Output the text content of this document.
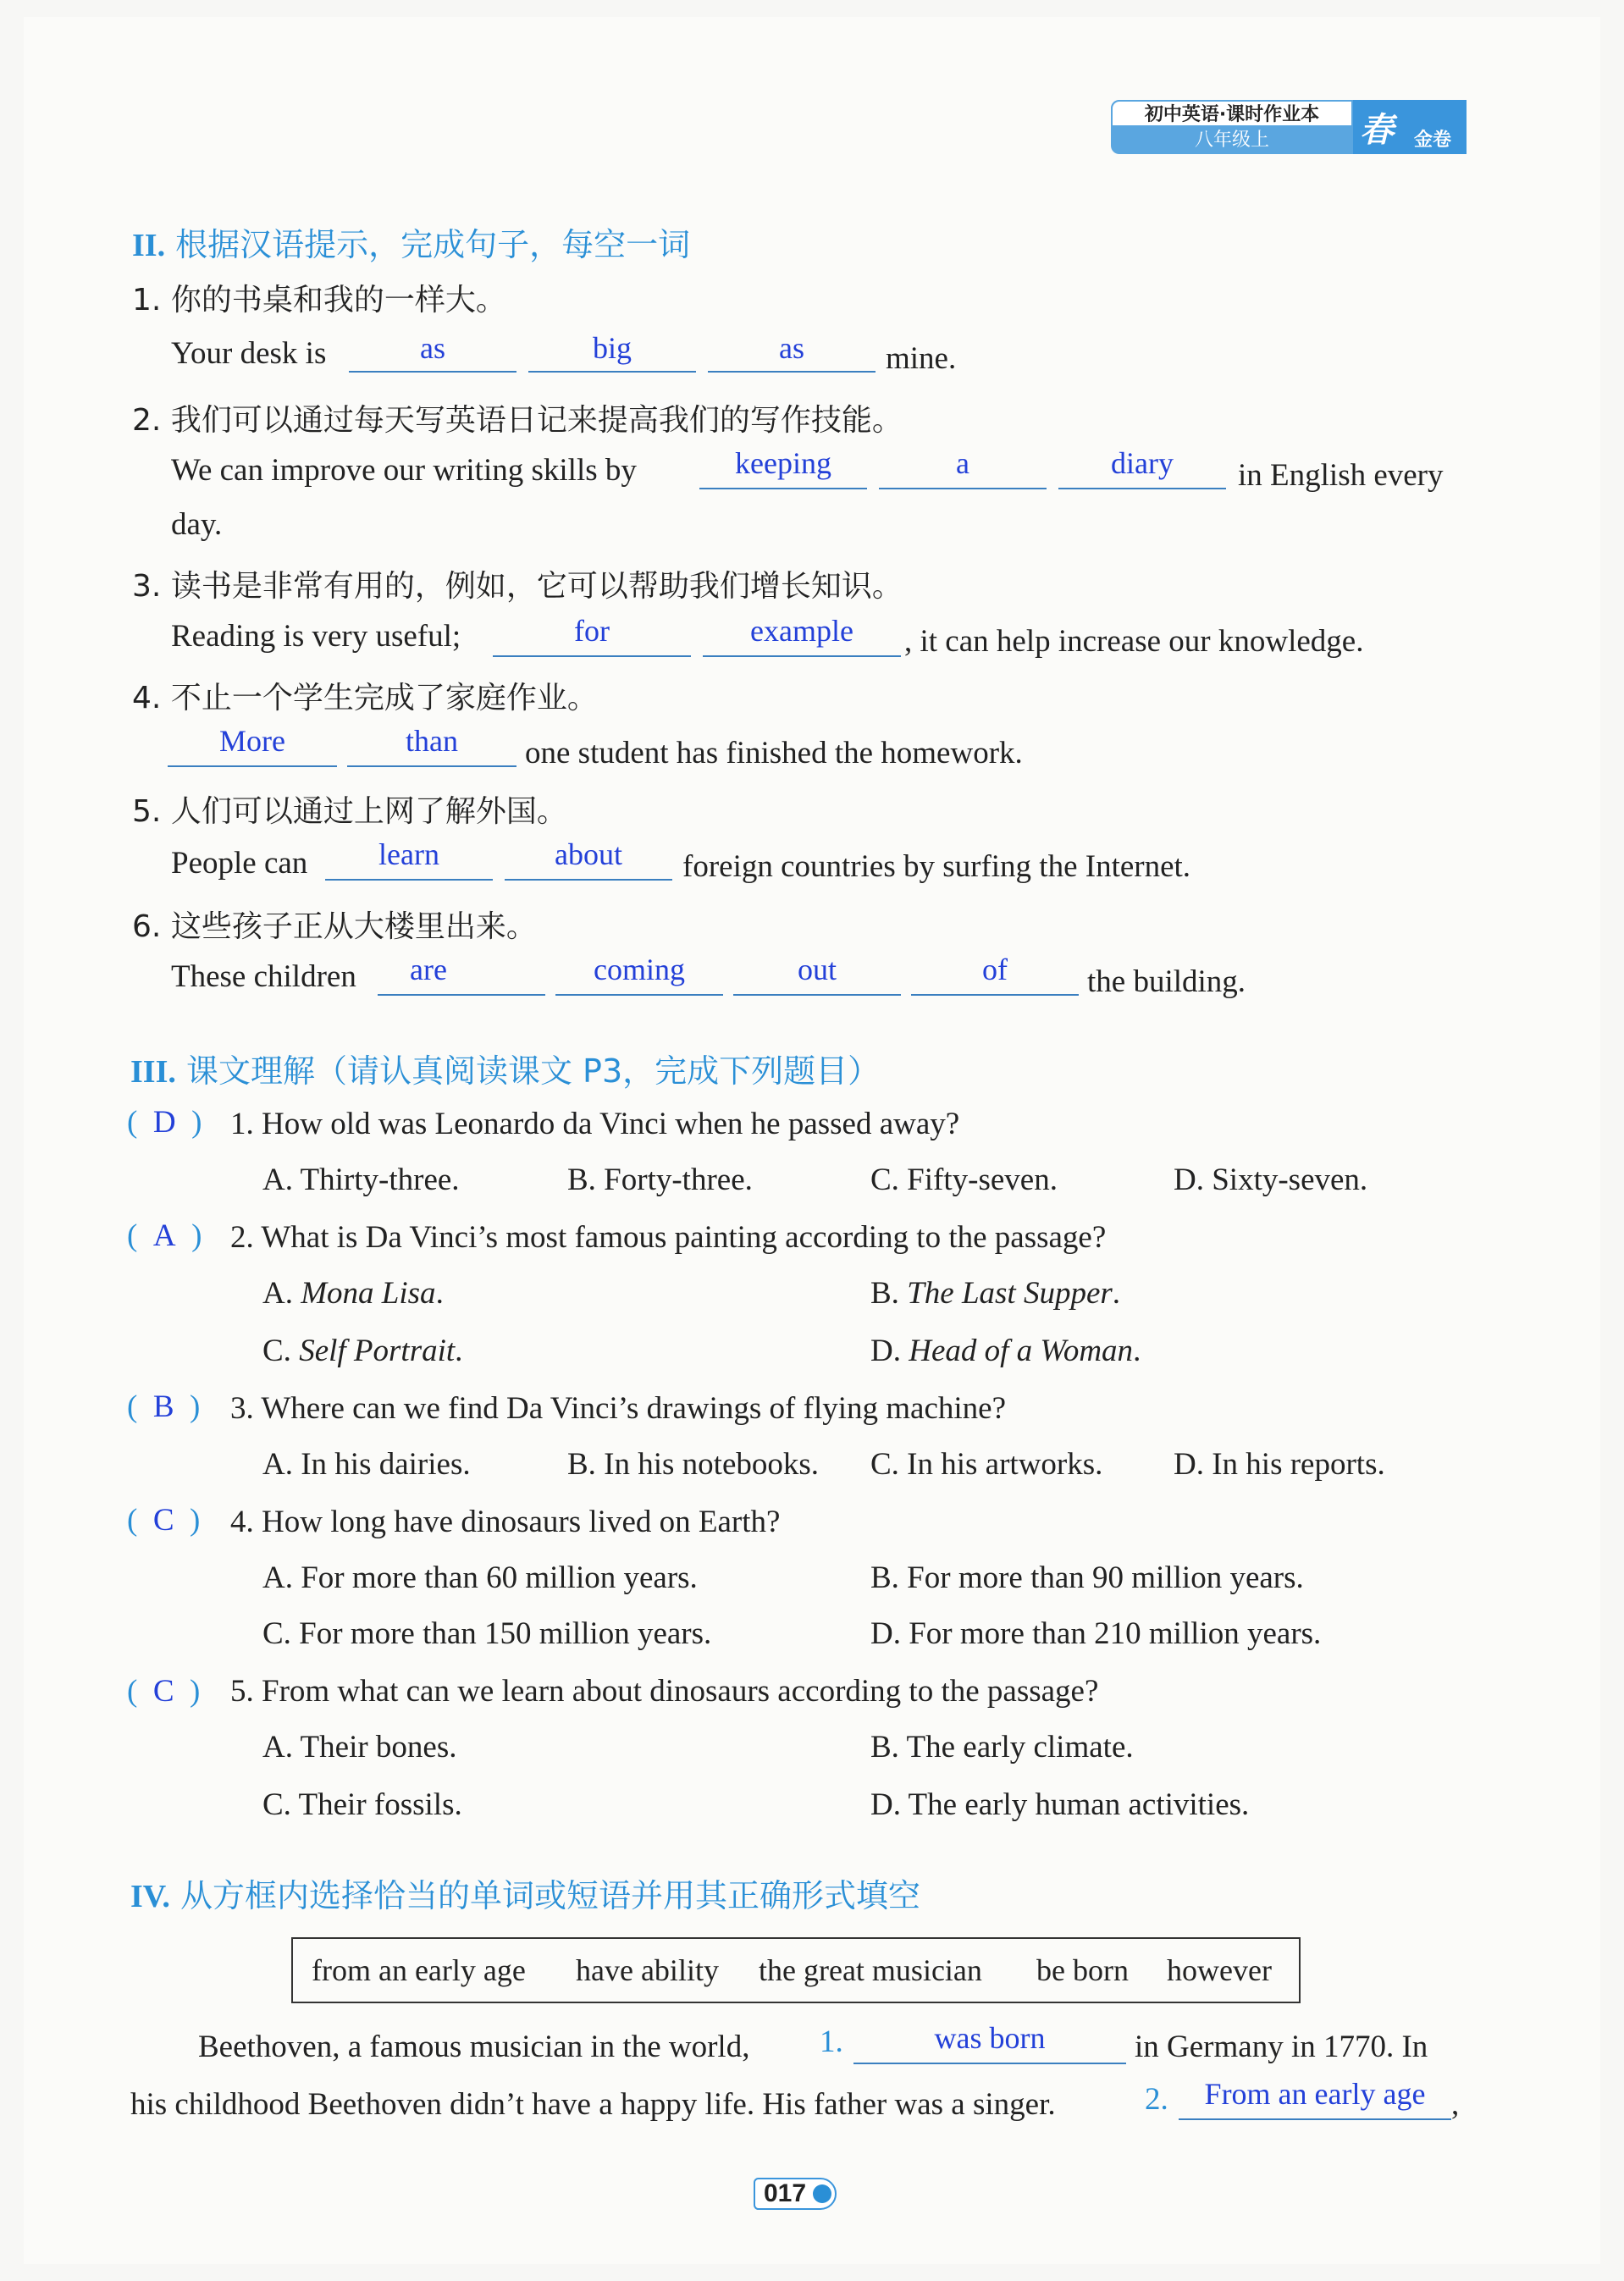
初中英语·课时作业本
八年级上	春 金卷
II. 根据汉语提示，完成句子，每空一词
1. 你的书桌和我的一样大。
Your desk is	as	big	as	mine.
2. 我们可以通过每天写英语日记来提高我们的写作技能。
We can improve our writing skills by	keeping	a	diary	in English every
day.
3. 读书是非常有用的，例如，它可以帮助我们增长知识。
Reading is very useful;	for	example	, it can help increase our knowledge.
4. 不止一个学生完成了家庭作业。
More	than	one student has finished the homework.
5. 人们可以通过上网了解外国。
People can	learn	about	foreign countries by surfing the Internet.
6. 这些孩子正从大楼里出来。
These children	are	coming	out	of	the building.
III. 课文理解（请认真阅读课文 P3，完成下列题目）
( D ) 1. How old was Leonardo da Vinci when he passed away?
A. Thirty-three.	B. Forty-three.	C. Fifty-seven.	D. Sixty-seven.
( A ) 2. What is Da Vinci’s most famous painting according to the passage?
A. Mona Lisa.	B. The Last Supper.
C. Self Portrait.	D. Head of a Woman.
( B ) 3. Where can we find Da Vinci’s drawings of flying machine?
A. In his dairies.	B. In his notebooks. C. In his artworks. D. In his reports.
( C ) 4. How long have dinosaurs lived on Earth?
A. For more than 60 million years.	B. For more than 90 million years.
C. For more than 150 million years.	D. For more than 210 million years.
( C ) 5. From what can we learn about dinosaurs according to the passage?
A. Their bones.	B. The early climate.
C. Their fossils.	D. The early human activities.
IV. 从方框内选择恰当的单词或短语并用其正确形式填空
from an early age have ability the great musician be born however
Beethoven, a famous musician in the world, 1.	was born	in Germany in 1770. In
his childhood Beethoven didn’t have a happy life. His father was a singer.	2.	From an early age ,
017
